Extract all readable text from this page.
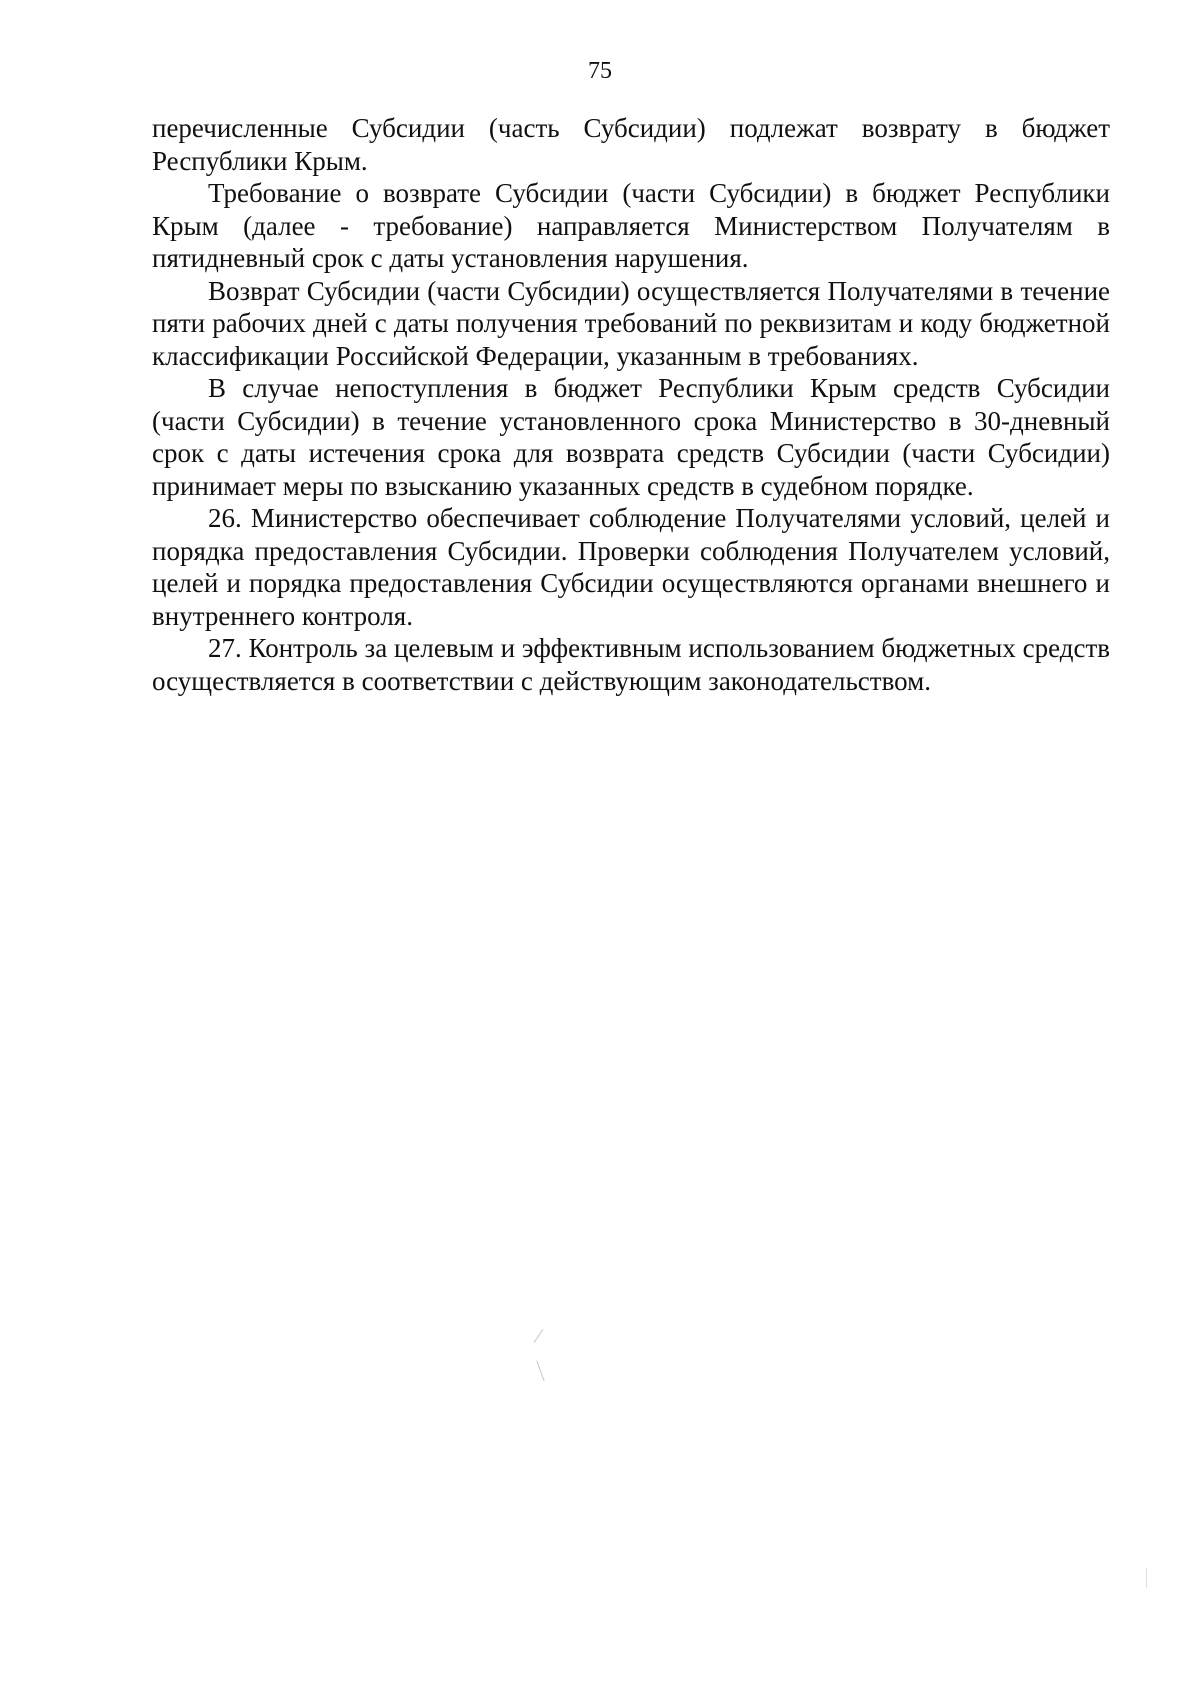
75

перечисленные Субсидии (часть Субсидии) подлежат возврату в бюджет Республики Крым.

Требование о возврате Субсидии (части Субсидии) в бюджет Республики Крым (далее - требование) направляется Министерством Получателям в пятидневный срок с даты установления нарушения.

Возврат Субсидии (части Субсидии) осуществляется Получателями в течение пяти рабочих дней с даты получения требований по реквизитам и коду бюджетной классификации Российской Федерации, указанным в требованиях.

В случае непоступления в бюджет Республики Крым средств Субсидии (части Субсидии) в течение установленного срока Министерство в 30-дневный срок с даты истечения срока для возврата средств Субсидии (части Субсидии) принимает меры по взысканию указанных средств в судебном порядке.

26. Министерство обеспечивает соблюдение Получателями условий, целей и порядка предоставления Субсидии. Проверки соблюдения Получателем условий, целей и порядка предоставления Субсидии осуществляются органами внешнего и внутреннего контроля.

27. Контроль за целевым и эффективным использованием бюджетных средств осуществляется в соответствии с действующим законодательством.
